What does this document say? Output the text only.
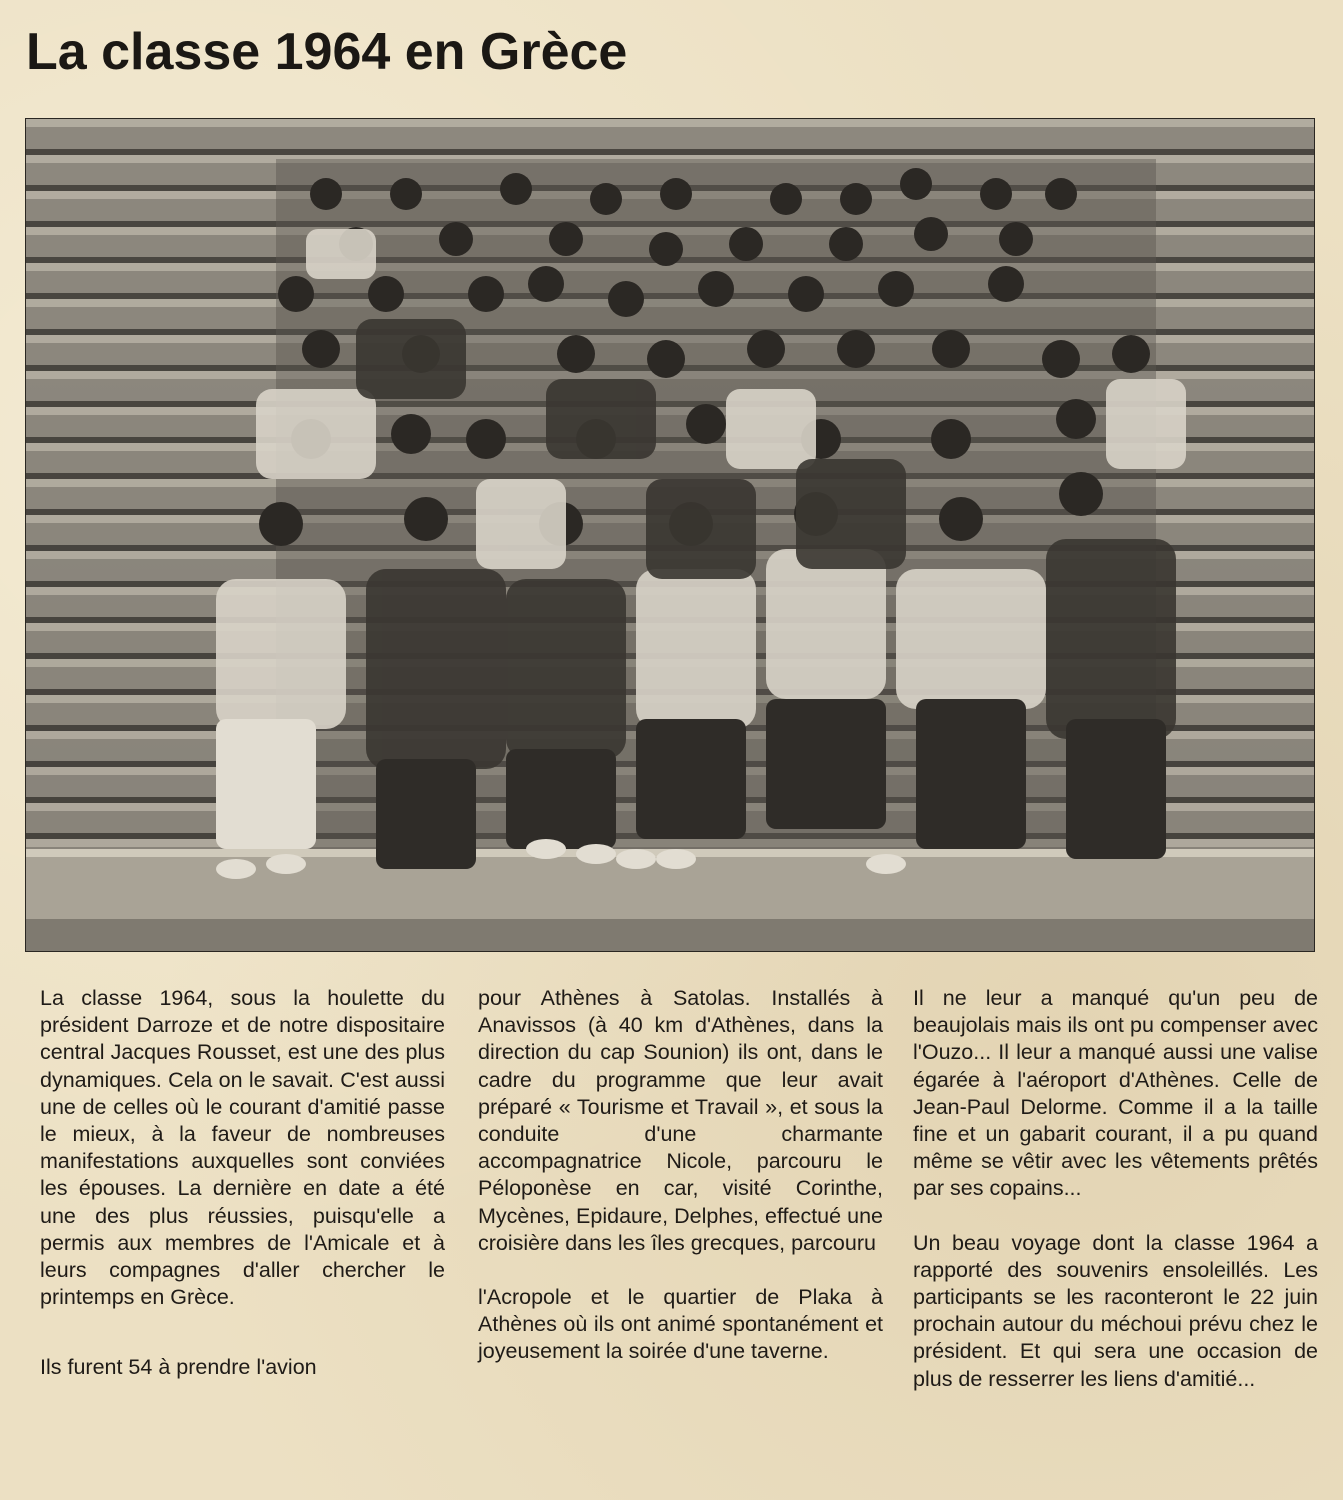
La classe 1964 en Grèce

La classe 1964, sous la houlette du président Darroze et de notre dispositaire central Jacques Rousset, est une des plus dynamiques. Cela on le savait. C'est aussi une de celles où le courant d'amitié passe le mieux, à la faveur de nombreuses manifestations auxquelles sont conviées les épouses. La dernière en date a été une des plus réussies, puisqu'elle a permis aux membres de l'Amicale et à leurs compagnes d'aller chercher le printemps en Grèce.

Ils furent 54 à prendre l'avion

pour Athènes à Satolas. Installés à Anavissos (à 40 km d'Athènes, dans la direction du cap Sounion) ils ont, dans le cadre du programme que leur avait préparé « Tourisme et Travail », et sous la conduite d'une charmante accompagnatrice Nicole, parcouru le Péloponèse en car, visité Corinthe, Mycènes, Epidaure, Delphes, effectué une croisière dans les îles grecques, parcouru

l'Acropole et le quartier de Plaka à Athènes où ils ont animé spontanément et joyeusement la soirée d'une taverne.

Il ne leur a manqué qu'un peu de beaujolais mais ils ont pu compenser avec l'Ouzo... Il leur a manqué aussi une valise égarée à l'aéroport d'Athènes. Celle de Jean-Paul Delorme. Comme il a la taille fine et un gabarit courant, il a pu quand même se vêtir avec les vêtements prêtés par ses copains...

Un beau voyage dont la classe 1964 a rapporté des souvenirs ensoleillés. Les participants se les raconteront le 22 juin prochain autour du méchoui prévu chez le président. Et qui sera une occasion de plus de resserrer les liens d'amitié...
